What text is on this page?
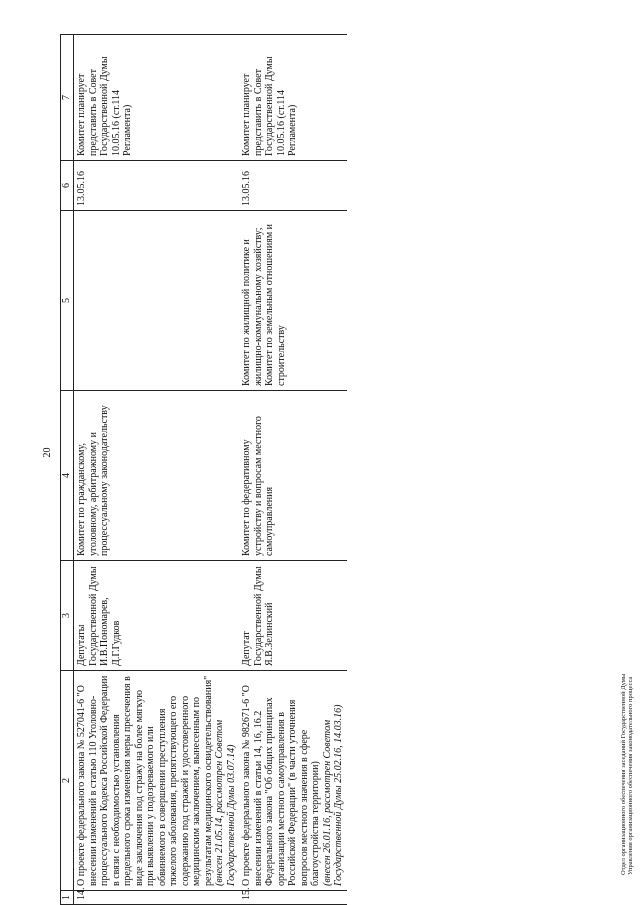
20
1	2	3	4	5	6	7
14.	О проекте федерального закона № 527041-6 "О внесении изменений в статью 110 Уголовно-процессуального Кодекса Российской Федерации в связи с необходимостью установления предельного срока изменения меры пресечения в виде заключения под стражу на более мягкую при выявлении у подозреваемого или обвиняемого в совершении преступления тяжелого заболевания, препятствующего его содержанию под стражей и удостоверенного медицинским заключением, вынесенным по результатам медицинского освидетельствования" (внесен 21.05.14, рассмотрен Советом Государственной Думы 03.07.14)	Депутаты Государственной Думы И.В.Пономарев, Д.Г.Гудков	Комитет по гражданскому, уголовному, арбитражному и процессуальному законодательству		13.05.16	Комитет планирует представить в Совет Государственной Думы 10.05.16 (ст.114 Регламента)
15.	О проекте федерального закона № 982671-6 "О внесении изменений в статьи 14, 16, 16.2 Федерального закона "Об общих принципах организации местного самоуправления в Российской Федерации" (в части уточнения вопросов местного значения в сфере благоустройства территории) (внесен 26.01.16, рассмотрен Советом Государственной Думы 25.02.16, 14.03.16)	Депутат Государственной Думы Я.В.Зелинский	Комитет по федеративному устройству и вопросам местного самоуправления	Комитет по жилищной политике и жилищно-коммунальному хозяйству; Комитет по земельным отношениям и строительству	13.05.16	Комитет планирует представить в Совет Государственной Думы 10.05.16 (ст.114 Регламента)
Отдел организационного обеспечения заседаний Государственной Думы Управления организационного обеспечения законодательного процесса
